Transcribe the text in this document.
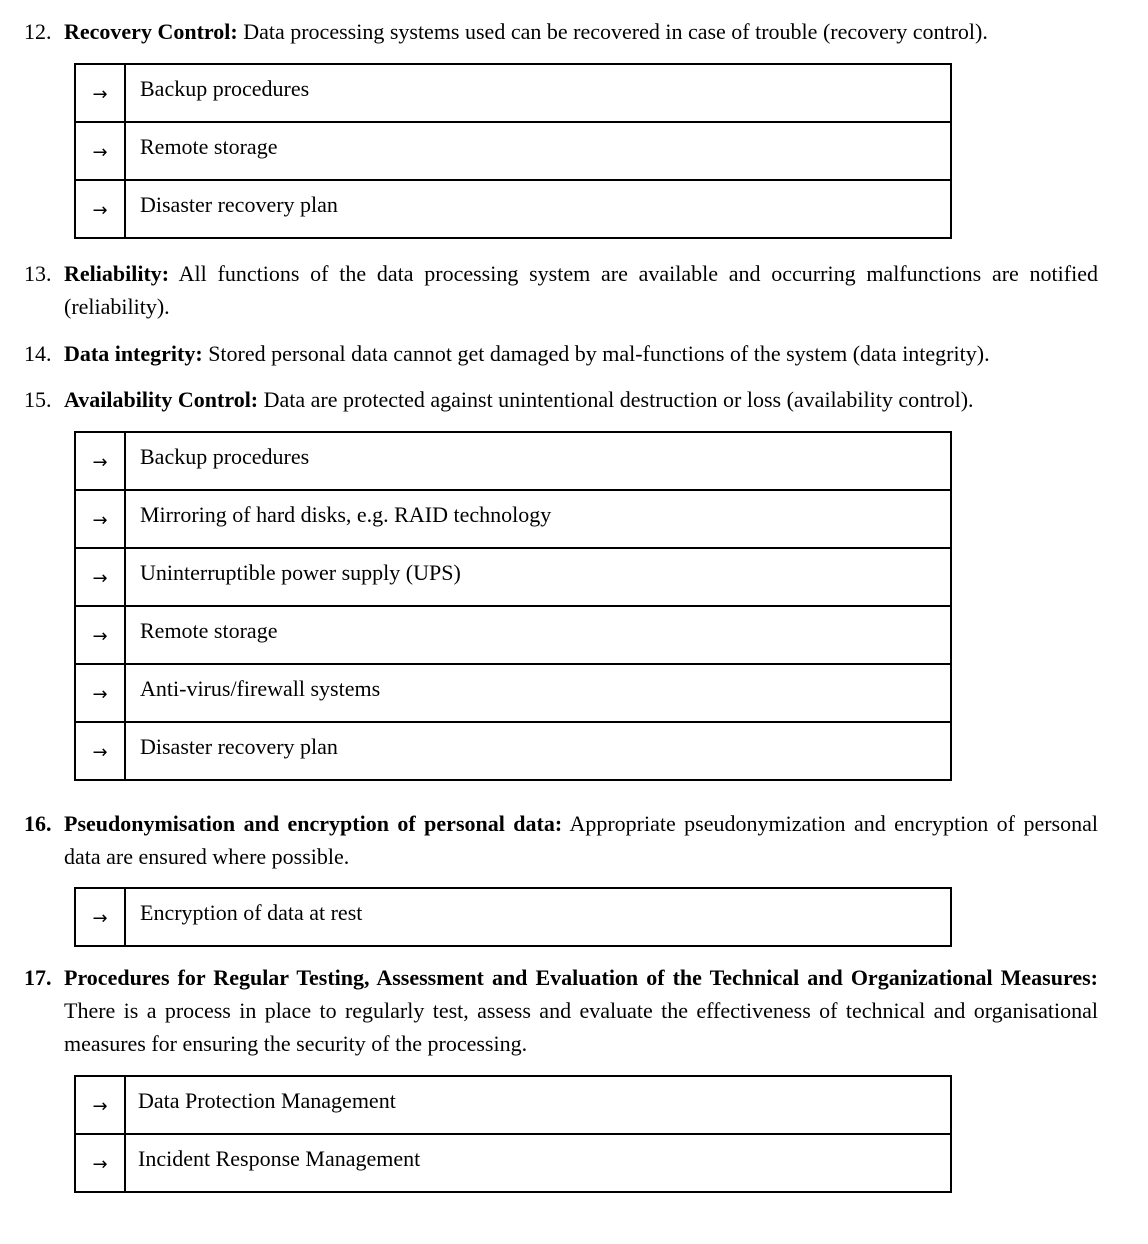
12. Recovery Control: Data processing systems used can be recovered in case of trouble (recovery control).
→	Backup procedures
→	Remote storage
→	Disaster recovery plan
13. Reliability: All functions of the data processing system are available and occurring malfunctions are notified (reliability).
14. Data integrity: Stored personal data cannot get damaged by mal-functions of the system (data integrity).
15. Availability Control: Data are protected against unintentional destruction or loss (availability control).
→	Backup procedures
→	Mirroring of hard disks, e.g. RAID technology
→	Uninterruptible power supply (UPS)
→	Remote storage
→	Anti-virus/firewall systems
→	Disaster recovery plan
16. Pseudonymisation and encryption of personal data: Appropriate pseudonymization and encryption of personal data are ensured where possible.
→	Encryption of data at rest
17. Procedures for Regular Testing, Assessment and Evaluation of the Technical and Organizational Measures: There is a process in place to regularly test, assess and evaluate the effectiveness of technical and organisational measures for ensuring the security of the processing.
→	Data Protection Management
→	Incident Response Management
